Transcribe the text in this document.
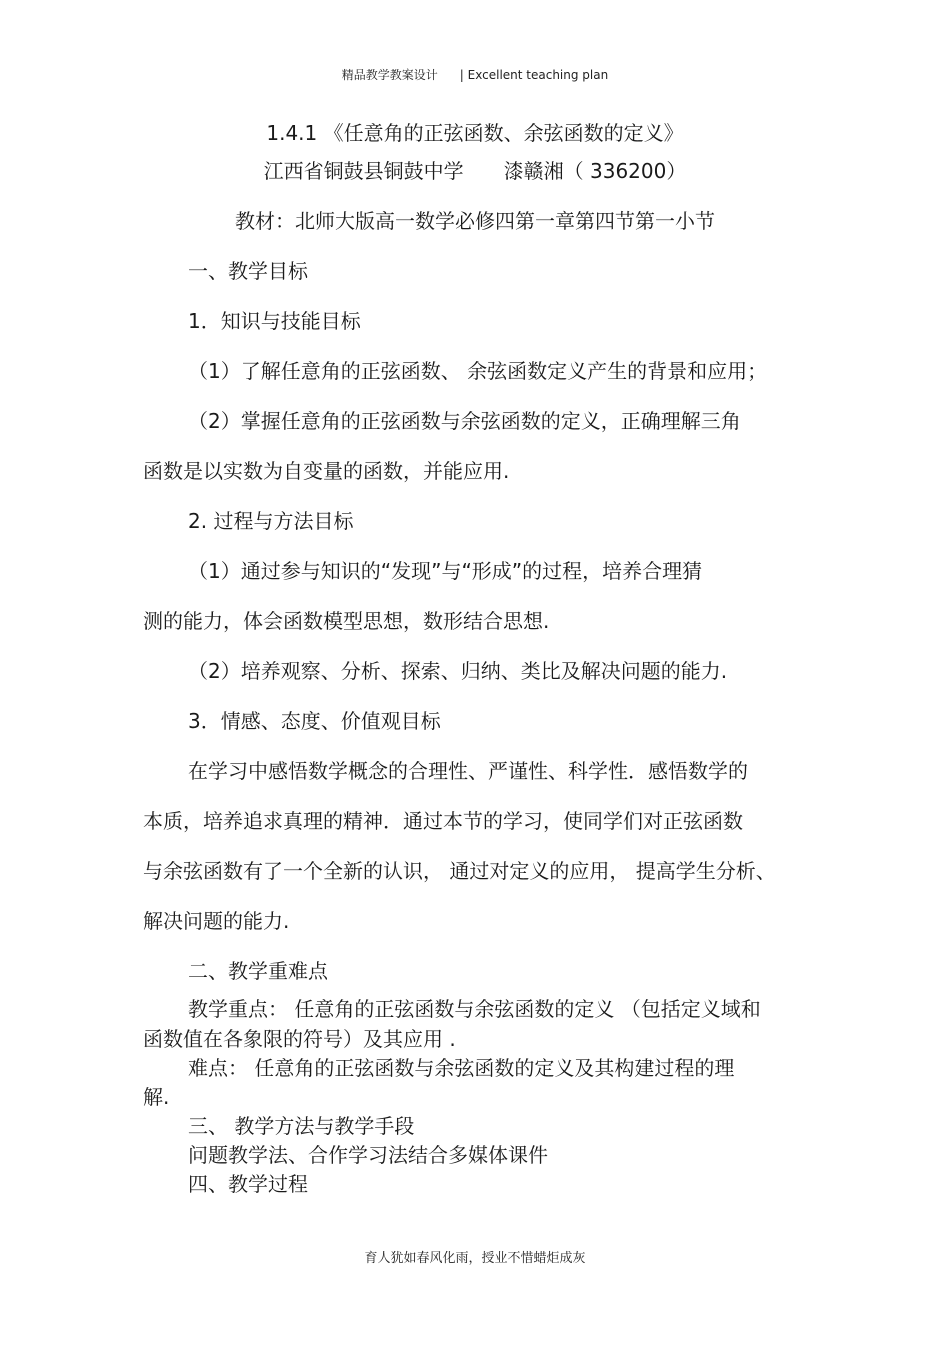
精品教学教案设计 | Excellent teaching plan
1.4.1 《任意角的正弦函数、余弦函数的定义》
江西省铜鼓县铜鼓中学 漆赣湘（ 336200）
教材：北师大版高一数学必修四第一章第四节第一小节
一、教学目标
1．知识与技能目标
（1）了解任意角的正弦函数、 余弦函数定义产生的背景和应用；
（2）掌握任意角的正弦函数与余弦函数的定义，正确理解三角
函数是以实数为自变量的函数，并能应用.
2. 过程与方法目标
（1）通过参与知识的“发现”与“形成”的过程，培养合理猜
测的能力，体会函数模型思想，数形结合思想.
（2）培养观察、分析、探索、归纳、类比及解决问题的能力.
3．情感、态度、价值观目标
在学习中感悟数学概念的合理性、严谨性、科学性．感悟数学的
本质，培养追求真理的精神．通过本节的学习，使同学们对正弦函数
与余弦函数有了一个全新的认识， 通过对定义的应用， 提高学生分析、
解决问题的能力.
二、教学重难点
教学重点： 任意角的正弦函数与余弦函数的定义 （包括定义域和
函数值在各象限的符号）及其应用 .
难点： 任意角的正弦函数与余弦函数的定义及其构建过程的理
解.
三、 教学方法与教学手段
问题教学法、合作学习法结合多媒体课件
四、教学过程
育人犹如春风化雨，授业不惜蜡炬成灰
